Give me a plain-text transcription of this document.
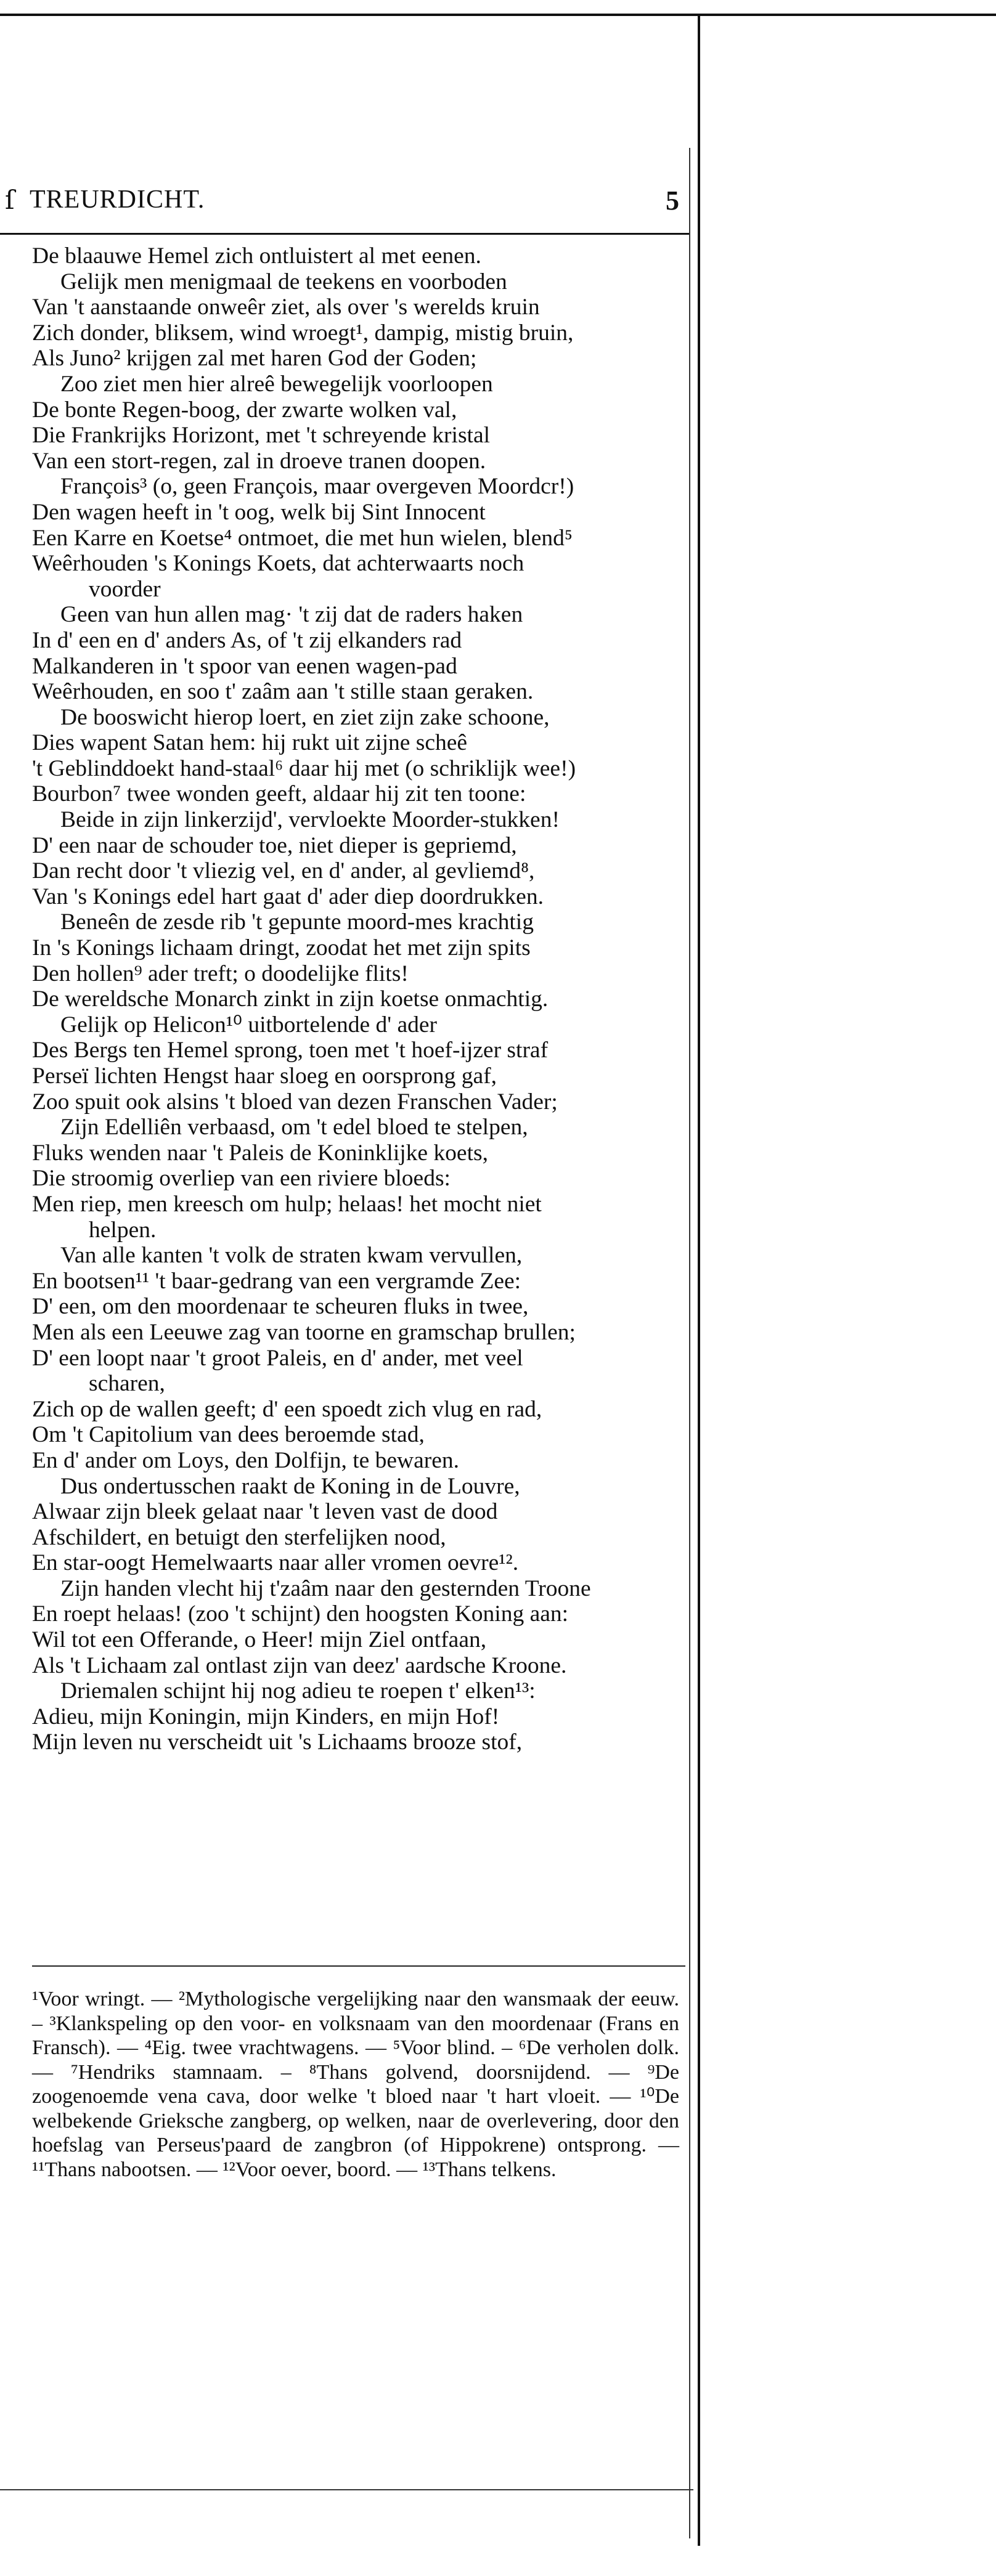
ſ TREURDICHT.	5
De blaauwe Hemel zich ontluistert al met eenen.
Gelijk men menigmaal de teekens en voorboden
Van 't aanstaande onweêr ziet, als over 's werelds kruin
Zich donder, bliksem, wind wroegt¹, dampig, mistig bruin,
Als Juno² krijgen zal met haren God der Goden;
Zoo ziet men hier alreê bewegelijk voorloopen
De bonte Regen-boog, der zwarte wolken val,
Die Frankrijks Horizont, met 't schreyende kristal
Van een stort-regen, zal in droeve tranen doopen.
François³ (o, geen François, maar overgeven Moordcr!)
Den wagen heeft in 't oog, welk bij Sint Innocent
Een Karre en Koetse⁴ ontmoet, die met hun wielen, blend⁵
Weêrhouden 's Konings Koets, dat achterwaarts noch
voorder
Geen van hun allen mag· 't zij dat de raders haken
In d' een en d' anders As, of 't zij elkanders rad
Malkanderen in 't spoor van eenen wagen-pad
Weêrhouden, en soo t' zaâm aan 't stille staan geraken.
De booswicht hierop loert, en ziet zijn zake schoone,
Dies wapent Satan hem: hij rukt uit zijne scheê
't Geblinddoekt hand-staal⁶ daar hij met (o schriklijk wee!)
Bourbon⁷ twee wonden geeft, aldaar hij zit ten toone:
Beide in zijn linkerzijd', vervloekte Moorder-stukken!
D' een naar de schouder toe, niet dieper is gepriemd,
Dan recht door 't vliezig vel, en d' ander, al gevliemd⁸,
Van 's Konings edel hart gaat d' ader diep doordrukken.
Beneên de zesde rib 't gepunte moord-mes krachtig
In 's Konings lichaam dringt, zoodat het met zijn spits
Den hollen⁹ ader treft; o doodelijke flits!
De wereldsche Monarch zinkt in zijn koetse onmachtig.
Gelijk op Helicon¹⁰ uitbortelende d' ader
Des Bergs ten Hemel sprong, toen met 't hoef-ijzer straf
Perseï lichten Hengst haar sloeg en oorsprong gaf,
Zoo spuit ook alsins 't bloed van dezen Franschen Vader;
Zijn Edelliên verbaasd, om 't edel bloed te stelpen,
Fluks wenden naar 't Paleis de Koninklijke koets,
Die stroomig overliep van een riviere bloeds:
Men riep, men kreesch om hulp; helaas! het mocht niet
helpen.
Van alle kanten 't volk de straten kwam vervullen,
En bootsen¹¹ 't baar-gedrang van een vergramde Zee:
D' een, om den moordenaar te scheuren fluks in twee,
Men als een Leeuwe zag van toorne en gramschap brullen;
D' een loopt naar 't groot Paleis, en d' ander, met veel
scharen,
Zich op de wallen geeft; d' een spoedt zich vlug en rad,
Om 't Capitolium van dees beroemde stad,
En d' ander om Loys, den Dolfijn, te bewaren.
Dus ondertusschen raakt de Koning in de Louvre,
Alwaar zijn bleek gelaat naar 't leven vast de dood
Afschildert, en betuigt den sterfelijken nood,
En star-oogt Hemelwaarts naar aller vromen oevre¹².
Zijn handen vlecht hij t'zaâm naar den gesternden Troone
En roept helaas! (zoo 't schijnt) den hoogsten Koning aan:
Wil tot een Offerande, o Heer! mijn Ziel ontfaan,
Als 't Lichaam zal ontlast zijn van deez' aardsche Kroone.
Driemalen schijnt hij nog adieu te roepen t' elken¹³:
Adieu, mijn Koningin, mijn Kinders, en mijn Hof!
Mijn leven nu verscheidt uit 's Lichaams brooze stof,

¹Voor wringt. — ²Mythologische vergelijking naar den wansmaak der eeuw. – ³Klankspeling op den voor- en volksnaam van den moordenaar (Frans en Fransch). — ⁴Eig. twee vrachtwagens. — ⁵Voor blind. – ⁶De verholen dolk. — ⁷Hendriks stamnaam. – ⁸Thans golvend, doorsnijdend. — ⁹De zoogenoemde vena cava, door welke 't bloed naar 't hart vloeit. — ¹⁰De welbekende Grieksche zangberg, op welken, naar de overlevering, door den hoefslag van Perseus'paard de zangbron (of Hippokrene) ontsprong. — ¹¹Thans nabootsen. — ¹²Voor oever, boord. — ¹³Thans telkens.
